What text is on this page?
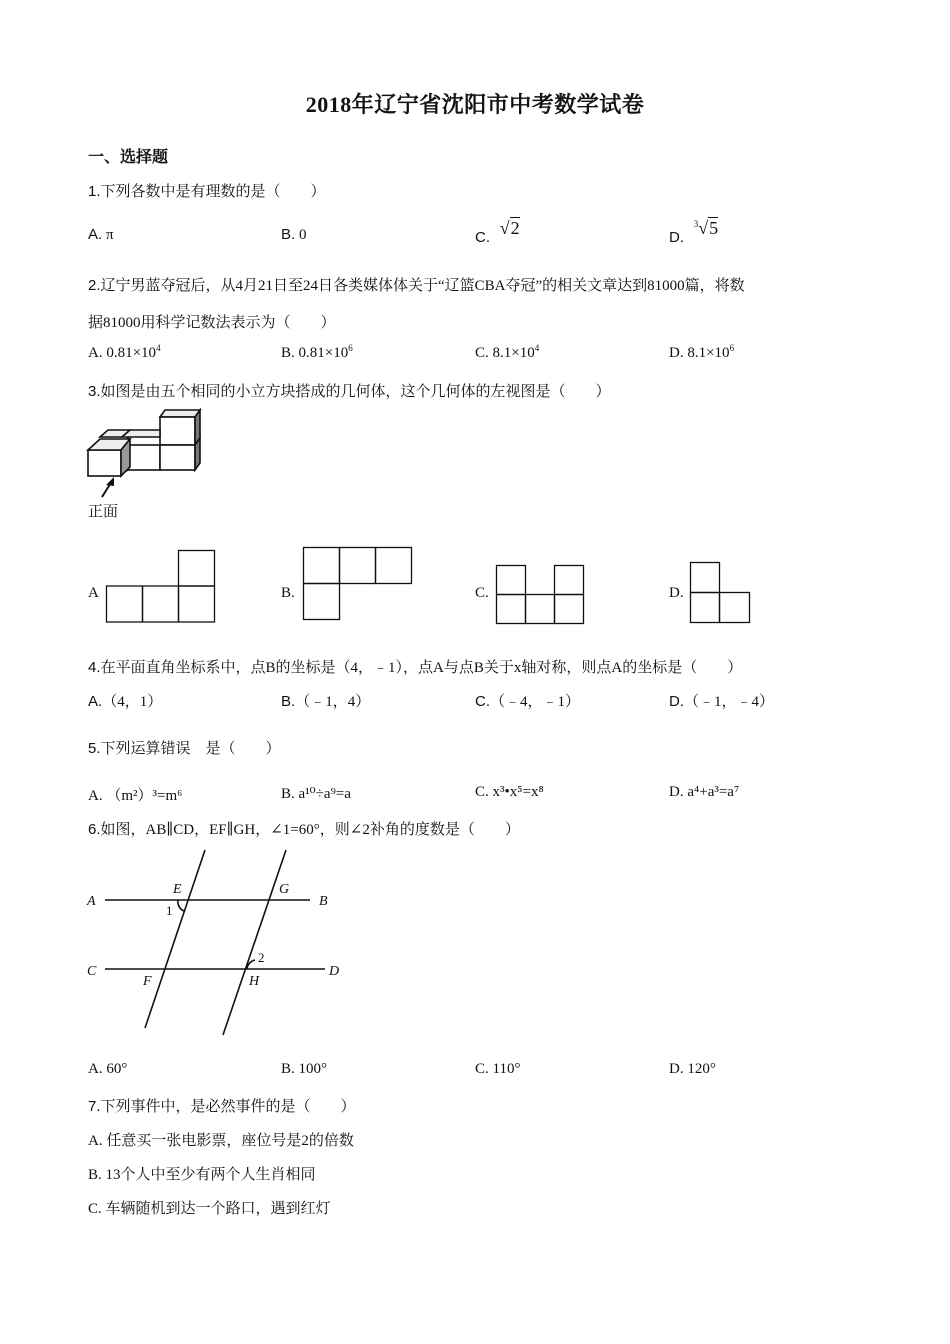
2018年辽宁省沈阳市中考数学试卷
一、选择题
1.下列各数中是有理数的是（　　）
A. π	B. 0	C. √2	D. $^3$√5
2.辽宁男蓝夺冠后，从4月21日至24日各类媒体体关于“辽篮CBA夺冠”的相关文章达到81000篇，将数
据81000用科学记数法表示为（　　）
A. $0.81\times 10^4$	B. $0.81\times 10^6$	C. $8.1\times 10^4$	D. $8.1\times 10^6$
3.如图是由五个相同的小立方块搭成的几何体，这个几何体的左视图是（　　）
正面
A	B.	C.	D.
4.在平面直角坐标系中，点B的坐标是（4，﹣1），点A与点B关于x轴对称，则点A的坐标是（　　）
A.（4，1）	B.（﹣1，4）	C.（﹣4，﹣1）	D.（﹣1，﹣4）
5.下列运算错误　是（　　）
A. （m²）³=m⁶	B. a¹⁰÷a⁹=a	C. x³•x⁵=x⁸	D. a⁴+a³=a⁷
6.如图，AB∥CD，EF∥GH，∠1=60°，则∠2补角的度数是（　　）
A	B
C	D
E
F
G
H
1
2
A. 60°	B. 100°	C. 110°	D. 120°
7.下列事件中，是必然事件的是（　　）
A. 任意买一张电影票，座位号是2的倍数
B. 13个人中至少有两个人生肖相同
C. 车辆随机到达一个路口，遇到红灯
